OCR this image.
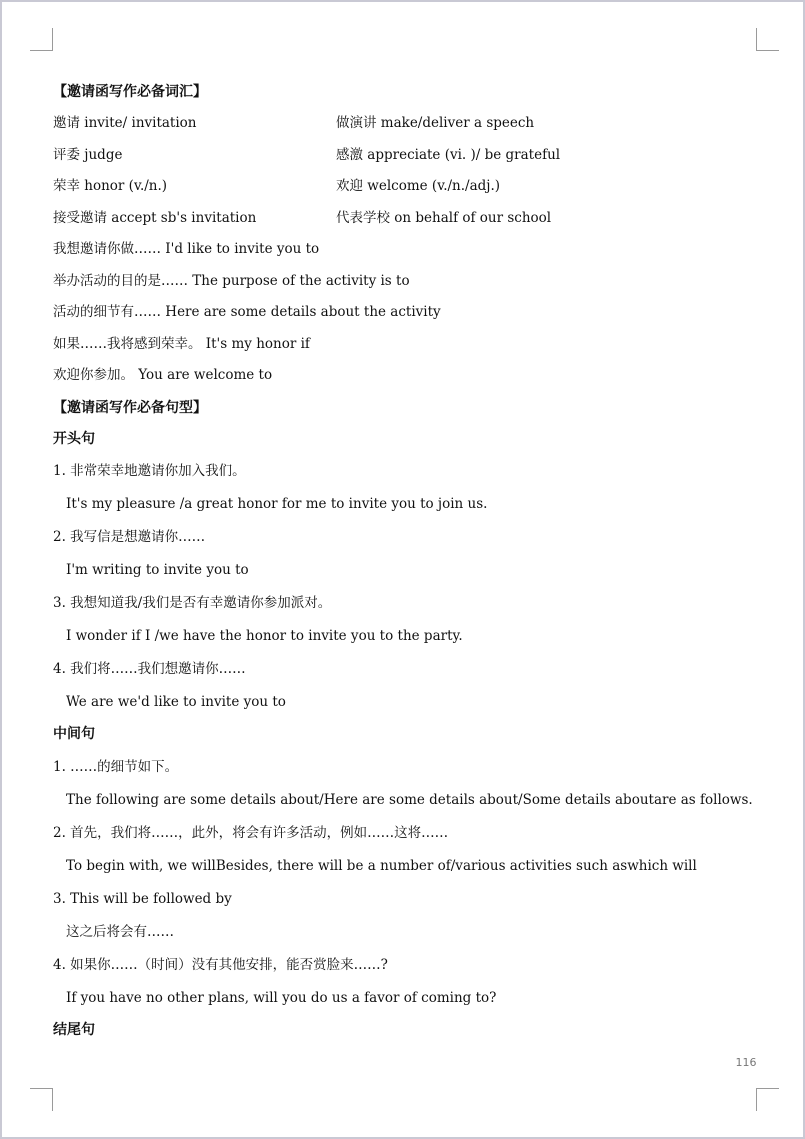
【邀请函写作必备词汇】
邀请 invite/ invitation	做演讲 make/deliver a speech
评委 judge	感激 appreciate (vi. )/ be grateful
荣幸 honor (v./n.)	欢迎 welcome (v./n./adj.)
接受邀请 accept sb's invitation	代表学校 on behalf of our school
我想邀请你做…… I'd like to invite you to
举办活动的目的是…… The purpose of the activity is to
活动的细节有…… Here are some details about the activity
如果……我将感到荣幸。 It's my honor if
欢迎你参加。 You are welcome to
【邀请函写作必备句型】
开头句
1. 非常荣幸地邀请你加入我们。
It's my pleasure /a great honor for me to invite you to join us.
2. 我写信是想邀请你……
I'm writing to invite you to
3. 我想知道我/我们是否有幸邀请你参加派对。
I wonder if I /we have the honor to invite you to the party.
4. 我们将……我们想邀请你……
We are we'd like to invite you to
中间句
1. ……的细节如下。
The following are some details about/Here are some details about/Some details aboutare as follows.
2. 首先，我们将……，此外，将会有许多活动，例如……这将……
To begin with, we willBesides, there will be a number of/various activities such aswhich will
3. This will be followed by
这之后将会有……
4. 如果你……（时间）没有其他安排，能否赏脸来……?
If you have no other plans, will you do us a favor of coming to?
结尾句
116
